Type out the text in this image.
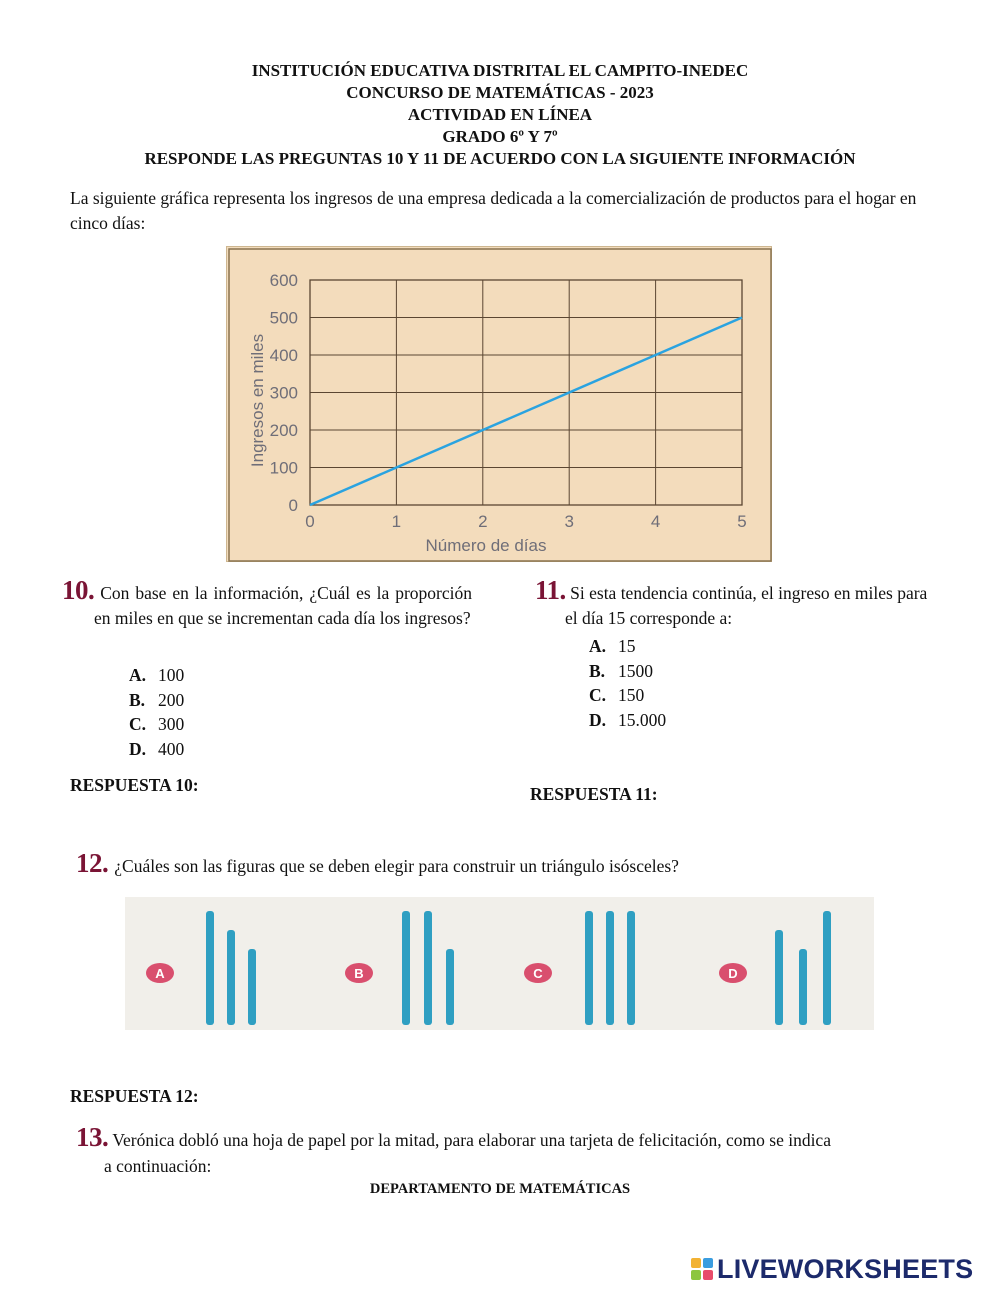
INSTITUCIÓN EDUCATIVA DISTRITAL EL CAMPITO-INEDEC
CONCURSO DE MATEMÁTICAS - 2023
ACTIVIDAD EN LÍNEA
GRADO 6º Y 7º
RESPONDE LAS PREGUNTAS 10 Y 11 DE ACUERDO CON LA SIGUIENTE INFORMACIÓN
La siguiente gráfica representa los ingresos de una empresa dedicada a la comercialización de productos para el hogar en cinco días:
0
100
200
300
400
500
600
0	1	2	3	4	5
Número de días
Ingresos en miles
10. Con base en la información, ¿Cuál es la proporción en miles en que se incrementan cada día los ingresos?
A. 100
B. 200
C. 300
D. 400
RESPUESTA 10:
11. Si esta tendencia continúa, el ingreso en miles para el día 15 corresponde a:
A. 15
B. 1500
C. 150
D. 15.000
RESPUESTA 11:
12. ¿Cuáles son las figuras que se deben elegir para construir un triángulo isósceles?
A	B	C	D
RESPUESTA 12:
13. Verónica dobló una hoja de papel por la mitad, para elaborar una tarjeta de felicitación, como se indica
a continuación:
DEPARTAMENTO DE MATEMÁTICAS
LIVEWORKSHEETS
